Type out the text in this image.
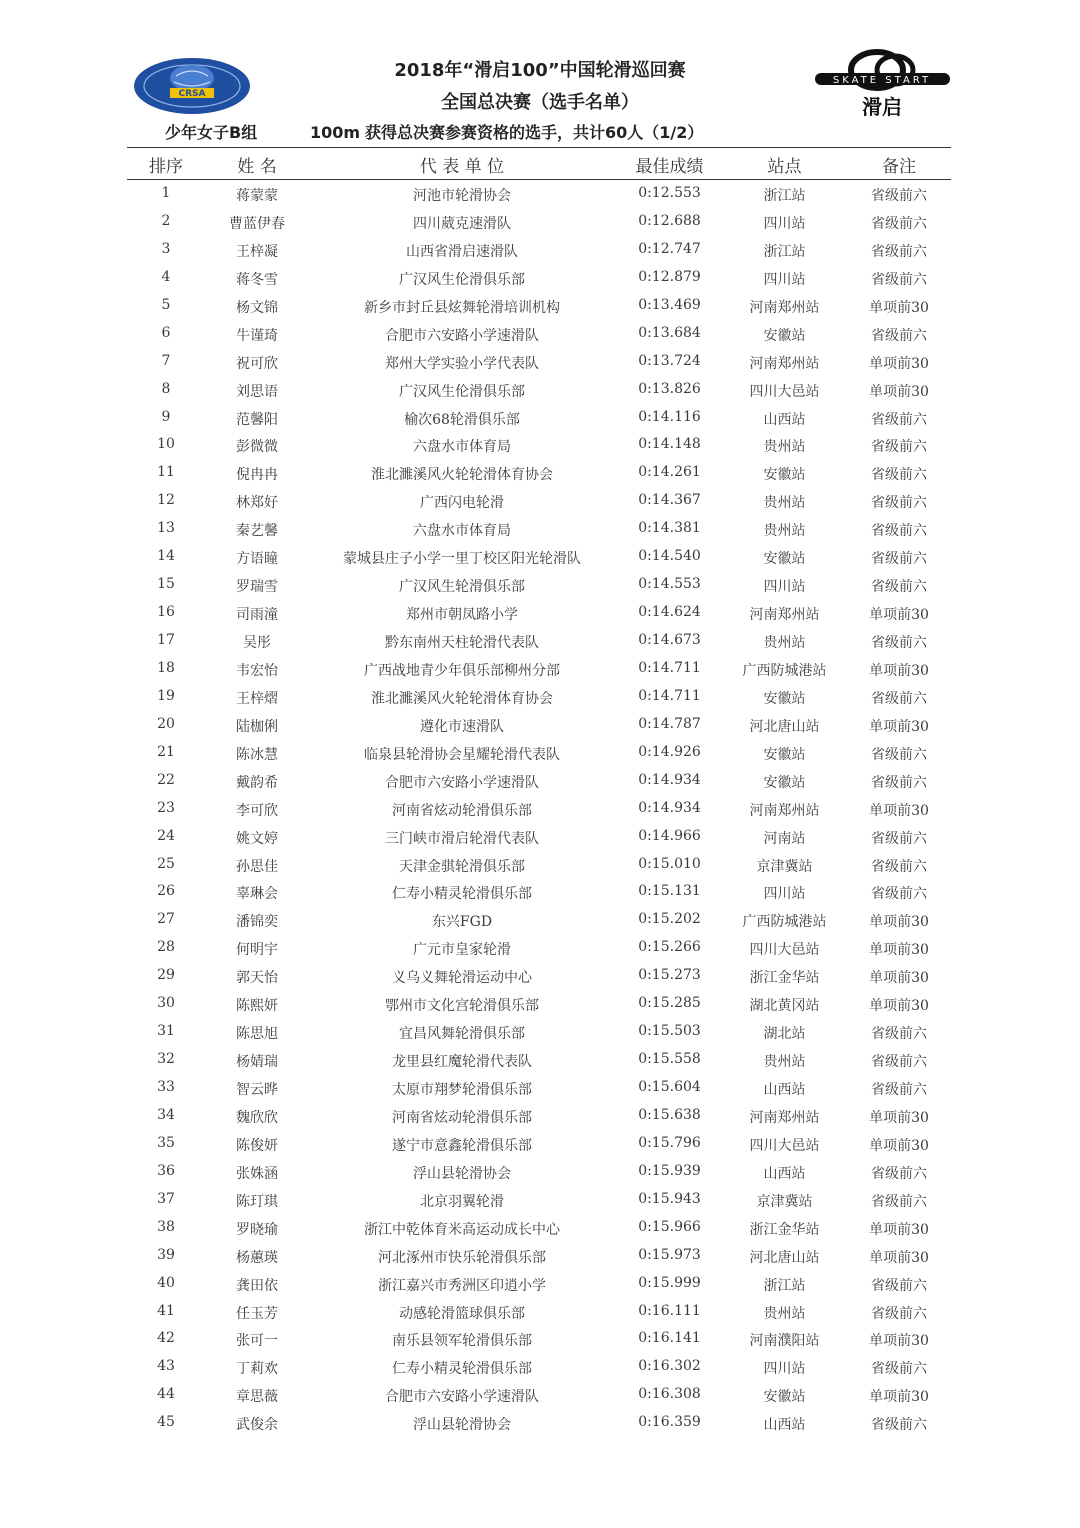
CRSA
2018年“滑启100”中国轮滑巡回赛
全国总决赛（选手名单）
SKATE START
滑启
少年女子B组	100m 获得总决赛参赛资格的选手，共计60人（1/2）
排序	姓 名	代 表 单 位	最佳成绩	站点	备注
1	蒋蒙蒙	河池市轮滑协会	0:12.553	浙江站	省级前六
2	曹蓝伊春	四川葳克速滑队	0:12.688	四川站	省级前六
3	王梓凝	山西省滑启速滑队	0:12.747	浙江站	省级前六
4	蒋冬雪	广汉风生伦滑俱乐部	0:12.879	四川站	省级前六
5	杨文锦	新乡市封丘县炫舞轮滑培训机构	0:13.469	河南郑州站	单项前30
6	牛谨琦	合肥市六安路小学速滑队	0:13.684	安徽站	省级前六
7	祝可欣	郑州大学实验小学代表队	0:13.724	河南郑州站	单项前30
8	刘思语	广汉风生伦滑俱乐部	0:13.826	四川大邑站	单项前30
9	范馨阳	榆次68轮滑俱乐部	0:14.116	山西站	省级前六
10	彭微微	六盘水市体育局	0:14.148	贵州站	省级前六
11	倪冉冉	淮北濉溪风火轮轮滑体育协会	0:14.261	安徽站	省级前六
12	林郑好	广西闪电轮滑	0:14.367	贵州站	省级前六
13	秦艺馨	六盘水市体育局	0:14.381	贵州站	省级前六
14	方语瞳	蒙城县庄子小学一里丁校区阳光轮滑队	0:14.540	安徽站	省级前六
15	罗瑞雪	广汉风生轮滑俱乐部	0:14.553	四川站	省级前六
16	司雨潼	郑州市朝凤路小学	0:14.624	河南郑州站	单项前30
17	吴彤	黔东南州天柱轮滑代表队	0:14.673	贵州站	省级前六
18	韦宏怡	广西战地青少年俱乐部柳州分部	0:14.711	广西防城港站	单项前30
19	王梓熠	淮北濉溪风火轮轮滑体育协会	0:14.711	安徽站	省级前六
20	陆枷俐	遵化市速滑队	0:14.787	河北唐山站	单项前30
21	陈冰慧	临泉县轮滑协会星耀轮滑代表队	0:14.926	安徽站	省级前六
22	戴韵希	合肥市六安路小学速滑队	0:14.934	安徽站	省级前六
23	李可欣	河南省炫动轮滑俱乐部	0:14.934	河南郑州站	单项前30
24	姚文婷	三门峡市滑启轮滑代表队	0:14.966	河南站	省级前六
25	孙思佳	天津金骐轮滑俱乐部	0:15.010	京津冀站	省级前六
26	辜琳会	仁寿小精灵轮滑俱乐部	0:15.131	四川站	省级前六
27	潘锦奕	东兴FGD	0:15.202	广西防城港站	单项前30
28	何明宇	广元市皇家轮滑	0:15.266	四川大邑站	单项前30
29	郭天怡	义乌义舞轮滑运动中心	0:15.273	浙江金华站	单项前30
30	陈熙妍	鄂州市文化宫轮滑俱乐部	0:15.285	湖北黄冈站	单项前30
31	陈思旭	宜昌风舞轮滑俱乐部	0:15.503	湖北站	省级前六
32	杨婧瑞	龙里县红魔轮滑代表队	0:15.558	贵州站	省级前六
33	智云晔	太原市翔梦轮滑俱乐部	0:15.604	山西站	省级前六
34	魏欣欣	河南省炫动轮滑俱乐部	0:15.638	河南郑州站	单项前30
35	陈俊妍	遂宁市意鑫轮滑俱乐部	0:15.796	四川大邑站	单项前30
36	张姝涵	浮山县轮滑协会	0:15.939	山西站	省级前六
37	陈玎琪	北京羽翼轮滑	0:15.943	京津冀站	省级前六
38	罗晓瑜	浙江中乾体育米高运动成长中心	0:15.966	浙江金华站	单项前30
39	杨蕙瑛	河北涿州市快乐轮滑俱乐部	0:15.973	河北唐山站	单项前30
40	龚田依	浙江嘉兴市秀洲区印逍小学	0:15.999	浙江站	省级前六
41	任玉芳	动感轮滑篮球俱乐部	0:16.111	贵州站	省级前六
42	张可一	南乐县领军轮滑俱乐部	0:16.141	河南濮阳站	单项前30
43	丁莉欢	仁寿小精灵轮滑俱乐部	0:16.302	四川站	省级前六
44	章思薇	合肥市六安路小学速滑队	0:16.308	安徽站	单项前30
45	武俊余	浮山县轮滑协会	0:16.359	山西站	省级前六
